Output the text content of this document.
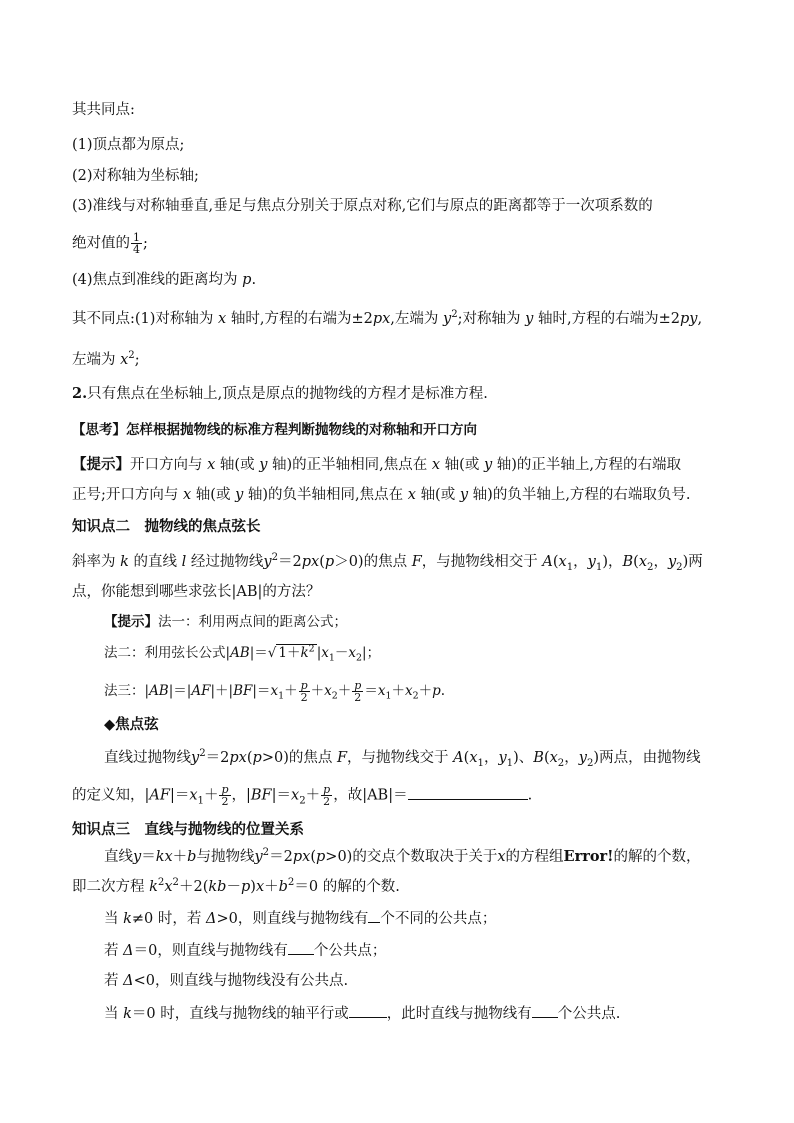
其共同点:
(1)顶点都为原点;
(2)对称轴为坐标轴;
(3)准线与对称轴垂直,垂足与焦点分别关于原点对称,它们与原点的距离都等于一次项系数的
绝对值的 $\frac{1}{4}$ ;
(4)焦点到准线的距离均为 p.
其不同点:(1)对称轴为 x 轴时,方程的右端为±2px,左端为 $y^2$;对称轴为 y 轴时,方程的右端为±2py,
左端为 $x^2$;
2.只有焦点在坐标轴上,顶点是原点的抛物线的方程才是标准方程.
【思考】怎样根据抛物线的标准方程判断抛物线的对称轴和开口方向
【提示】开口方向与 x 轴(或 y 轴)的正半轴相同,焦点在 x 轴(或 y 轴)的正半轴上,方程的右端取
正号;开口方向与 x 轴(或 y 轴)的负半轴相同,焦点在 x 轴(或 y 轴)的负半轴上,方程的右端取负号.
知识点二　抛物线的焦点弦长
斜率为 k 的直线 l 经过抛物线$y^2=2px(p>0)$的焦点 F，与抛物线相交于 $A(x_1$，$y_1$)，$B(x_2$，$y_2$)两
点，你能想到哪些求弦长|AB|的方法？
【提示】法一：利用两点间的距离公式；
法二：利用弦长公式|AB|＝√ $1+k^2$ $|x_1-x_2|$；
法三：$|AB|=|AF|+|BF|=x_1+ \frac{p}{2} +x_2+ \frac{p}{2} =x_1+x_2+p$.
◆焦点弦
直线过抛物线$y^2=2px(p>0)$的焦点 F，与抛物线交于 $A(x_1$，$y_1$)、$B(x_2$，$y_2$)两点，由抛物线
的定义知，$|AF|=x_1+ \frac{p}{2}$ ，$|BF|=x_2+ \frac{p}{2}$ ，故|AB|＝	.
知识点三　直线与抛物线的位置关系
直线y＝kx＋b与抛物线$y^2=2px(p>0)$的交点个数取决于关于x的方程组Error!的解的个数，
即二次方程 $k^2x^2+2(kb-p)x+b^2=0$ 的解的个数.
当 k≠0 时，若 Δ>0，则直线与抛物线有 个不同的公共点；
若 Δ＝0，则直线与抛物线有 个公共点；
若 Δ<0，则直线与抛物线没有公共点.
当 k＝0 时，直线与抛物线的轴平行或	，此时直线与抛物线有 个公共点.
